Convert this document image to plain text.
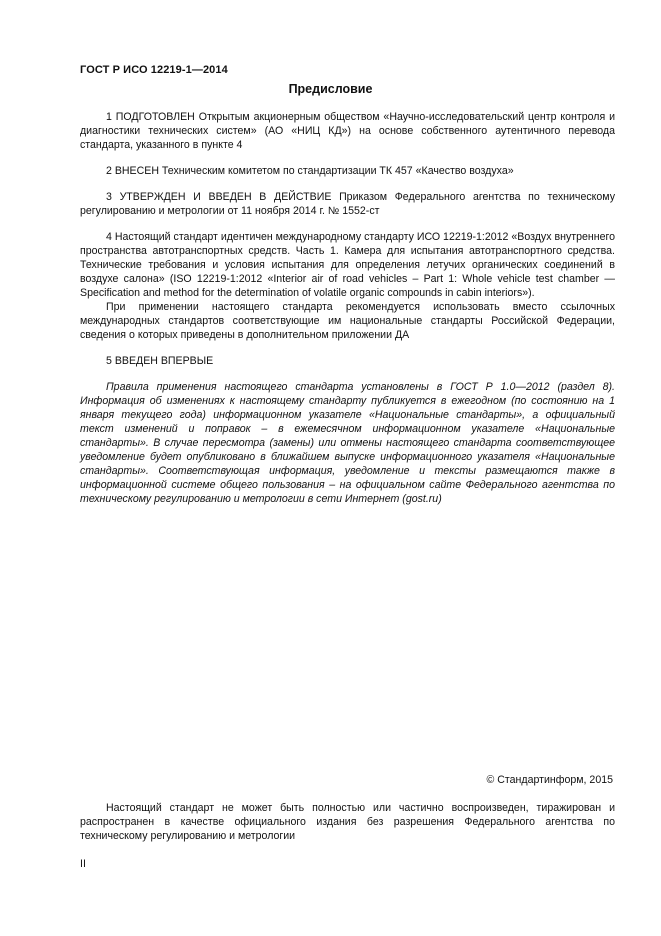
ГОСТ Р ИСО 12219-1—2014
Предисловие

1 ПОДГОТОВЛЕН Открытым акционерным обществом «Научно-исследовательский центр контроля и диагностики технических систем» (АО «НИЦ КД») на основе собственного аутентичного перевода стандарта, указанного в пункте 4

2 ВНЕСЕН Техническим комитетом по стандартизации ТК 457 «Качество воздуха»

3 УТВЕРЖДЕН И ВВЕДЕН В ДЕЙСТВИЕ Приказом Федерального агентства по техническому регулированию и метрологии от 11 ноября 2014 г. № 1552-ст

4 Настоящий стандарт идентичен международному стандарту ИСО 12219-1:2012 «Воздух внутреннего пространства автотранспортных средств. Часть 1. Камера для испытания автотранспортного средства. Технические требования и условия испытания для определения летучих органических соединений в воздухе салона» (ISO 12219-1:2012 «Interior air of road vehicles – Part 1: Whole vehicle test chamber — Specification and method for the determination of volatile organic compounds in cabin interiors»).

При применении настоящего стандарта рекомендуется использовать вместо ссылочных международных стандартов соответствующие им национальные стандарты Российской Федерации, сведения о которых приведены в дополнительном приложении ДА

5 ВВЕДЕН ВПЕРВЫЕ

Правила применения настоящего стандарта установлены в ГОСТ Р 1.0—2012 (раздел 8). Информация об изменениях к настоящему стандарту публикуется в ежегодном (по состоянию на 1 января текущего года) информационном указателе «Национальные стандарты», а официальный текст изменений и поправок – в ежемесячном информационном указателе «Национальные стандарты». В случае пересмотра (замены) или отмены настоящего стандарта соответствующее уведомление будет опубликовано в ближайшем выпуске информационного указателя «Национальные стандарты». Соответствующая информация, уведомление и тексты размещаются также в информационной системе общего пользования – на официальном сайте Федерального агентства по техническому регулированию и метрологии в сети Интернет (gost.ru)

© Стандартинформ, 2015

Настоящий стандарт не может быть полностью или частично воспроизведен, тиражирован и распространен в качестве официального издания без разрешения Федерального агентства по техническому регулированию и метрологии

II
